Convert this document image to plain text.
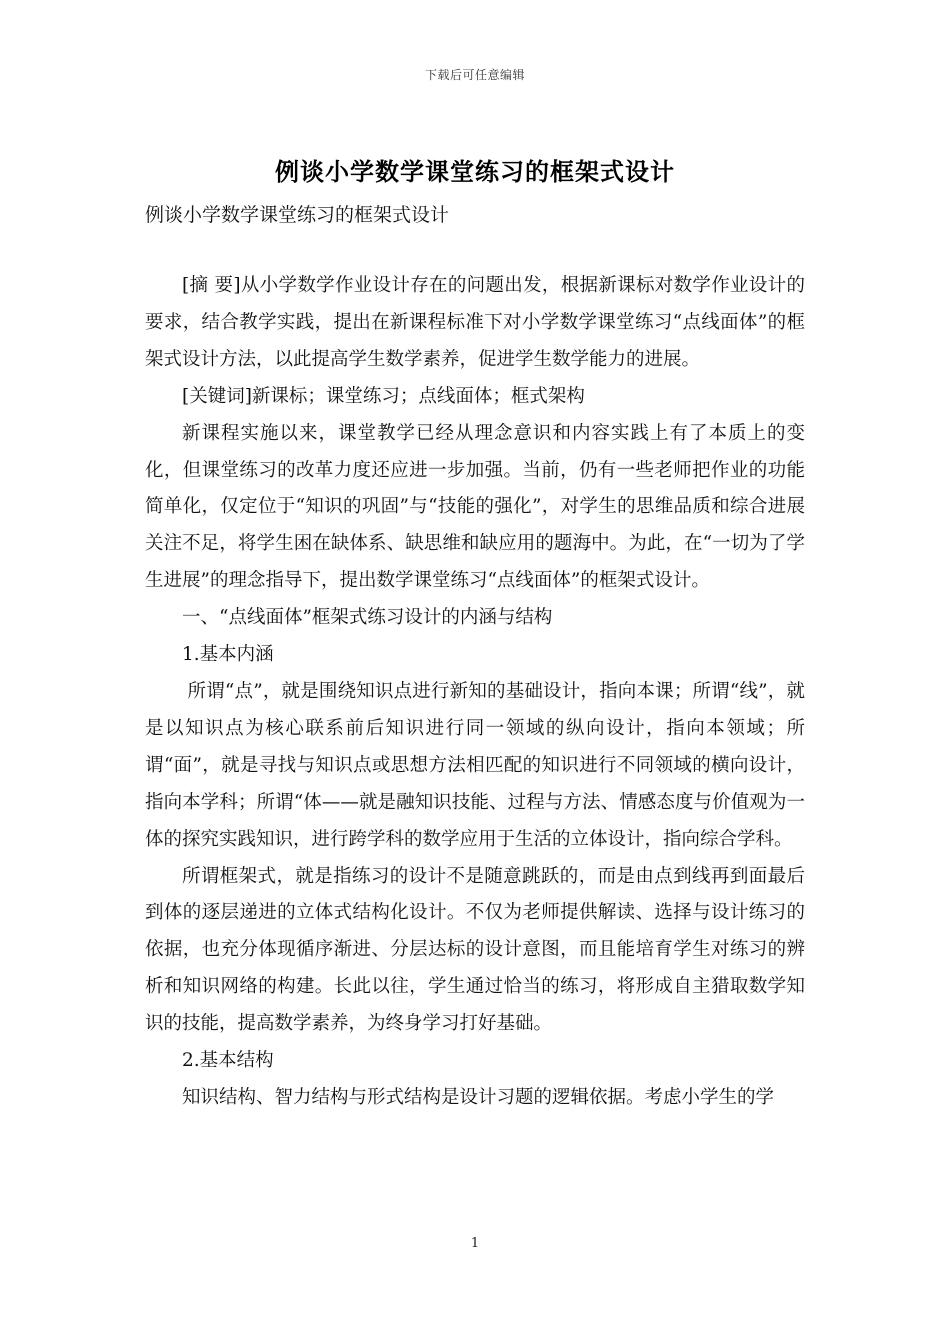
下载后可任意编辑
例谈小学数学课堂练习的框架式设计
例谈小学数学课堂练习的框架式设计

[摘 要]从小学数学作业设计存在的问题出发，根据新课标对数学作业设计的要求，结合教学实践，提出在新课程标准下对小学数学课堂练习“点线面体”的框架式设计方法，以此提高学生数学素养，促进学生数学能力的进展。

[关键词]新课标；课堂练习；点线面体；框式架构

新课程实施以来，课堂教学已经从理念意识和内容实践上有了本质上的变化，但课堂练习的改革力度还应进一步加强。当前，仍有一些老师把作业的功能简单化，仅定位于“知识的巩固”与“技能的强化”，对学生的思维品质和综合进展关注不足，将学生困在缺体系、缺思维和缺应用的题海中。为此，在“一切为了学生进展”的理念指导下，提出数学课堂练习“点线面体”的框架式设计。

一、“点线面体”框架式练习设计的内涵与结构

1.基本内涵

所谓“点”，就是围绕知识点进行新知的基础设计，指向本课；所谓“线”，就是以知识点为核心联系前后知识进行同一领域的纵向设计，指向本领域；所谓“面”，就是寻找与知识点或思想方法相匹配的知识进行不同领域的横向设计，指向本学科；所谓“体——就是融知识技能、过程与方法、情感态度与价值观为一体的探究实践知识，进行跨学科的数学应用于生活的立体设计，指向综合学科。

所谓框架式，就是指练习的设计不是随意跳跃的，而是由点到线再到面最后到体的逐层递进的立体式结构化设计。不仅为老师提供解读、选择与设计练习的依据，也充分体现循序渐进、分层达标的设计意图，而且能培育学生对练习的辨析和知识网络的构建。长此以往，学生通过恰当的练习，将形成自主猎取数学知识的技能，提高数学素养，为终身学习打好基础。

2.基本结构

知识结构、智力结构与形式结构是设计习题的逻辑依据。考虑小学生的学

1
